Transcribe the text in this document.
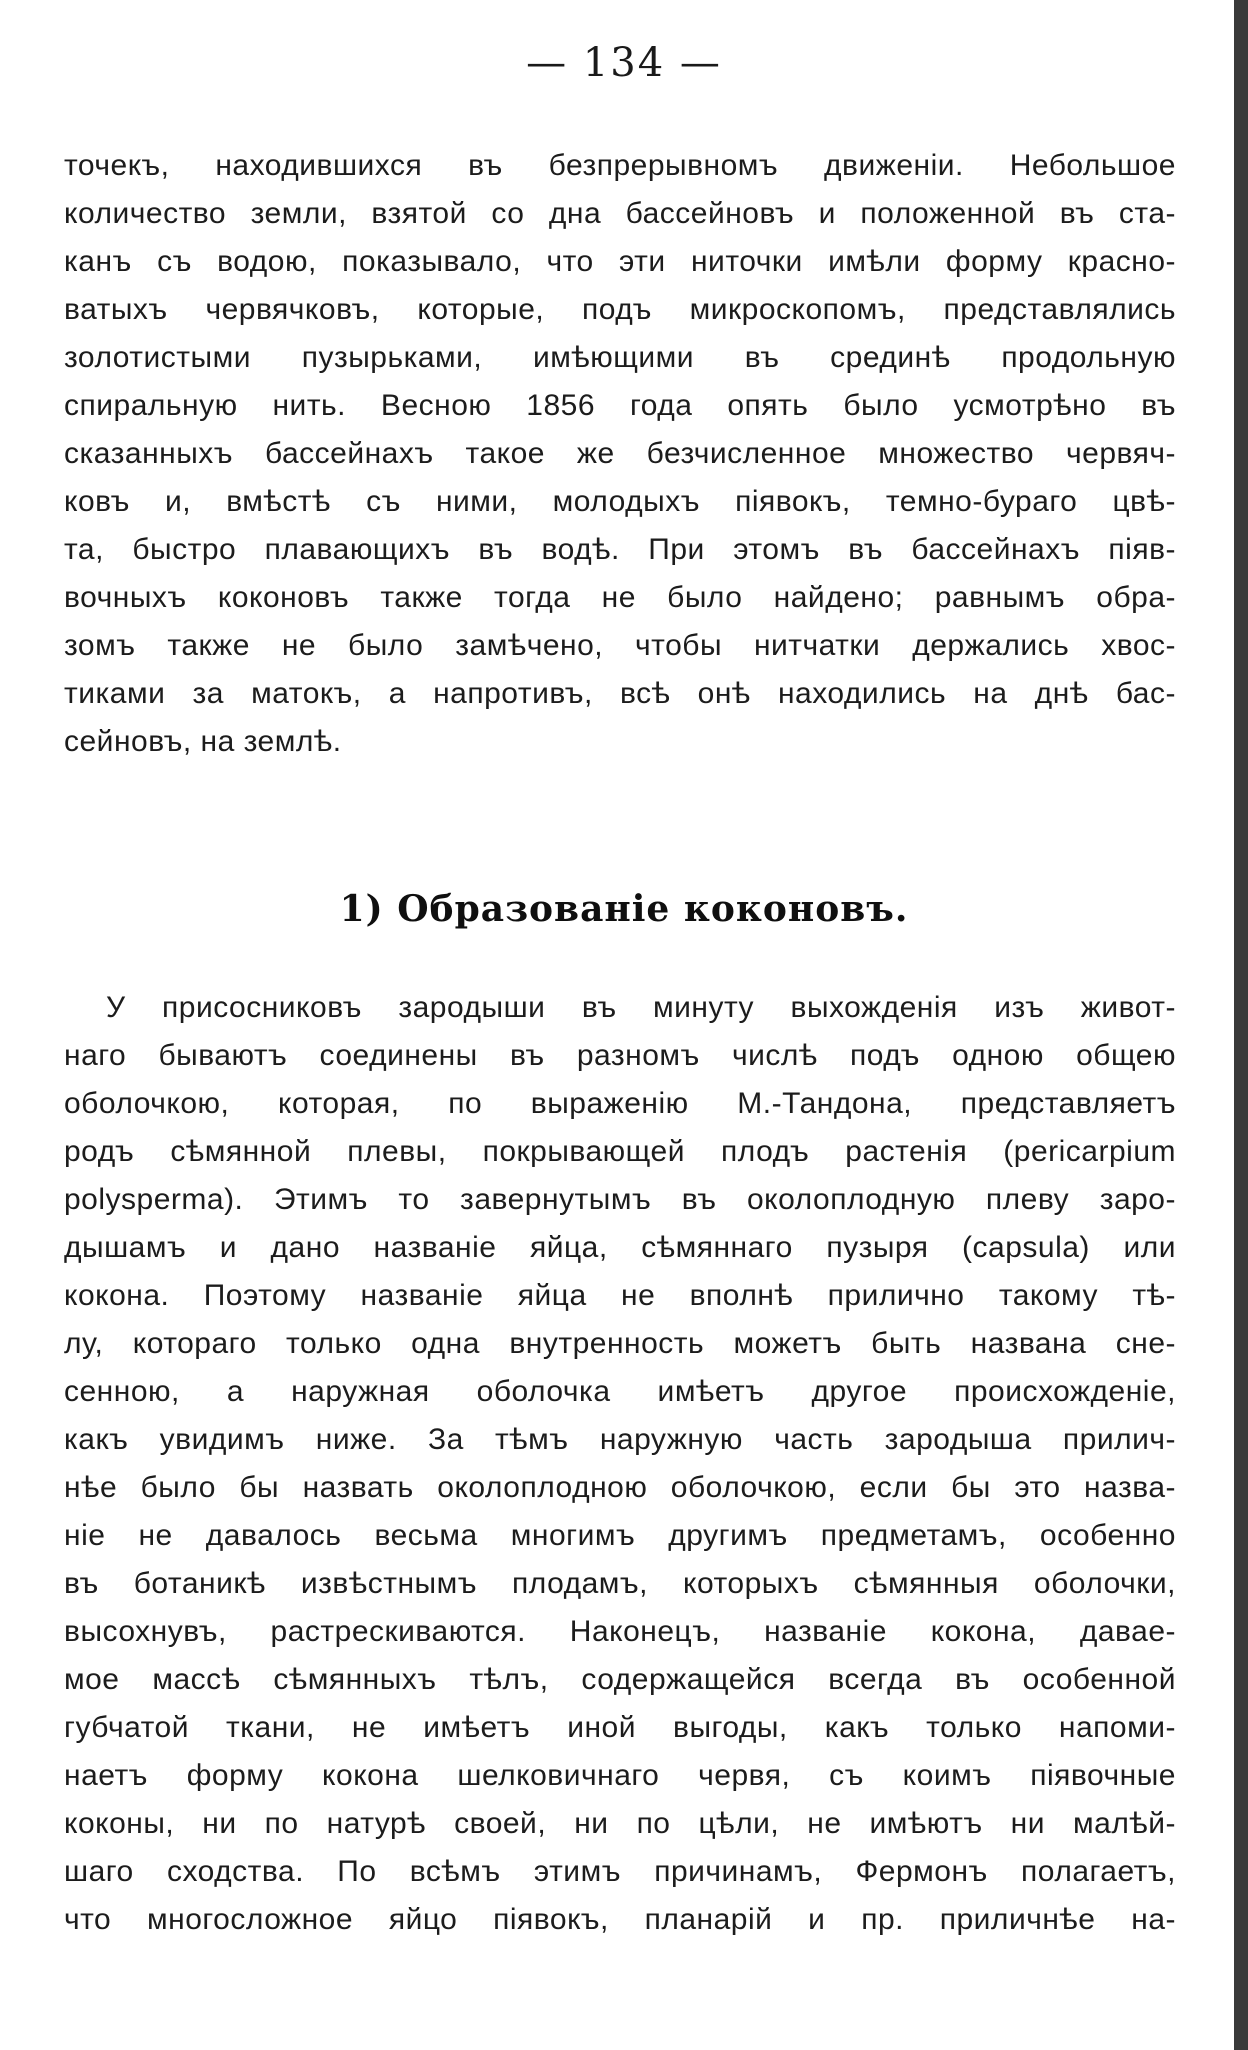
— 134 —
точекъ, находившихся въ безпрерывномъ движеніи. Небольшое
количество земли, взятой со дна бассейновъ и положенной въ ста-
канъ съ водою, показывало, что эти ниточки имѣли форму красно-
ватыхъ червячковъ, которые, подъ микроскопомъ, представлялись
золотистыми пузырьками, имѣющими въ срединѣ продольную
спиральную нить. Весною 1856 года опять было усмотрѣно въ
сказанныхъ бассейнахъ такое же безчисленное множество червяч-
ковъ и, вмѣстѣ съ ними, молодыхъ піявокъ, темно-бураго цвѣ-
та, быстро плавающихъ въ водѣ. При этомъ въ бассейнахъ піяв-
вочныхъ коконовъ также тогда не было найдено; равнымъ обра-
зомъ также не было замѣчено, чтобы нитчатки держались хвос-
тиками за матокъ, а напротивъ, всѣ онѣ находились на днѣ бас-
сейновъ, на землѣ.
1) Образованіе коконовъ.
У присосниковъ зародыши въ минуту выхожденія изъ живот-
наго бываютъ соединены въ разномъ числѣ подъ одною общею
оболочкою, которая, по выраженію М.-Тандона, представляетъ
родъ сѣмянной плевы, покрывающей плодъ растенія (pericarpium
polysperma). Этимъ то завернутымъ въ околоплодную плеву заро-
дышамъ и дано названіе яйца, сѣмяннаго пузыря (capsula) или
кокона. Поэтому названіе яйца не вполнѣ прилично такому тѣ-
лу, котораго только одна внутренность можетъ быть названа сне-
сенною, а наружная оболочка имѣетъ другое происхожденіе,
какъ увидимъ ниже. За тѣмъ наружную часть зародыша прилич-
нѣе было бы назвать околоплодною оболочкою, если бы это назва-
ніе не давалось весьма многимъ другимъ предметамъ, особенно
въ ботаникѣ извѣстнымъ плодамъ, которыхъ сѣмянныя оболочки,
высохнувъ, растрескиваются. Наконецъ, названіе кокона, давае-
мое массѣ сѣмянныхъ тѣлъ, содержащейся всегда въ особенной
губчатой ткани, не имѣетъ иной выгоды, какъ только напоми-
наетъ форму кокона шелковичнаго червя, съ коимъ піявочные
коконы, ни по натурѣ своей, ни по цѣли, не имѣютъ ни малѣй-
шаго сходства. По всѣмъ этимъ причинамъ, Фермонъ полагаетъ,
что многосложное яйцо піявокъ, планарій и пр. приличнѣе на-
